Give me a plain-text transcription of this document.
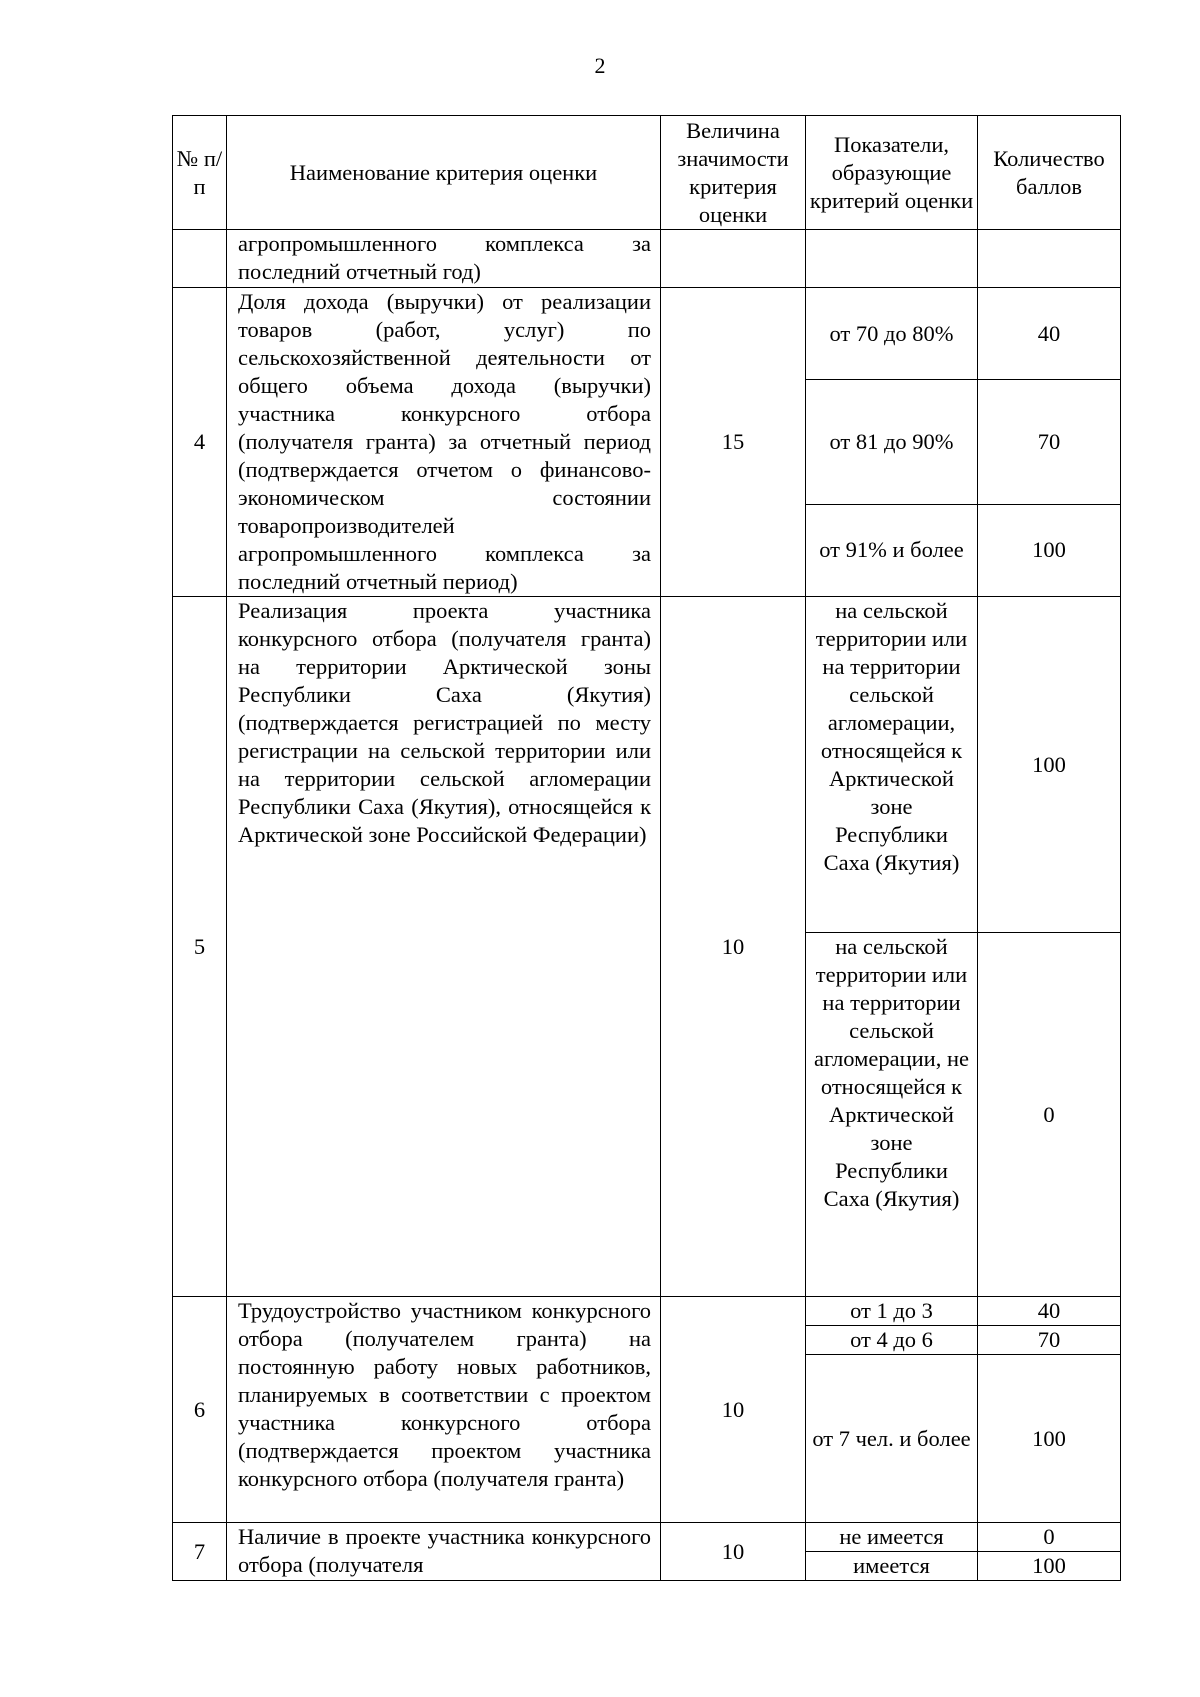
2
№ п/п	Наименование критерия оценки	Величина значимости критерия оценки	Показатели, образующие критерий оценки	Количество баллов
	агропромышленного комплекса за последний отчетный год)			
4	Доля дохода (выручки) от реализации товаров (работ, услуг) по сельскохозяйственной деятельности от общего объема дохода (выручки) участника конкурсного отбора (получателя гранта) за отчетный период (подтверждается отчетом о финансово-экономическом состоянии товаропроизводителей агропромышленного комплекса за последний отчетный период)	15	от 70 до 80%	40
			от 81 до 90%	70
			от 91% и более	100
5	Реализация проекта участника конкурсного отбора (получателя гранта) на территории Арктической зоны Республики Саха (Якутия) (подтверждается регистрацией по месту регистрации на сельской территории или на территории сельской агломерации Республики Саха (Якутия), относящейся к Арктической зоне Российской Федерации)	10	на сельской территории или на территории сельской агломерации, относящейся к Арктической зоне Республики Саха (Якутия)	100
			на сельской территории или на территории сельской агломерации, не относящейся к Арктической зоне Республики Саха (Якутия)	0
6	Трудоустройство участником конкурсного отбора (получателем гранта) на постоянную работу новых работников, планируемых в соответствии с проектом участника конкурсного отбора (подтверждается проектом участника конкурсного отбора (получателя гранта)	10	от 1 до 3	40
			от 4 до 6	70
			от 7 чел. и более	100
7	Наличие в проекте участника конкурсного отбора (получателя	10	не имеется	0
			имеется	100
